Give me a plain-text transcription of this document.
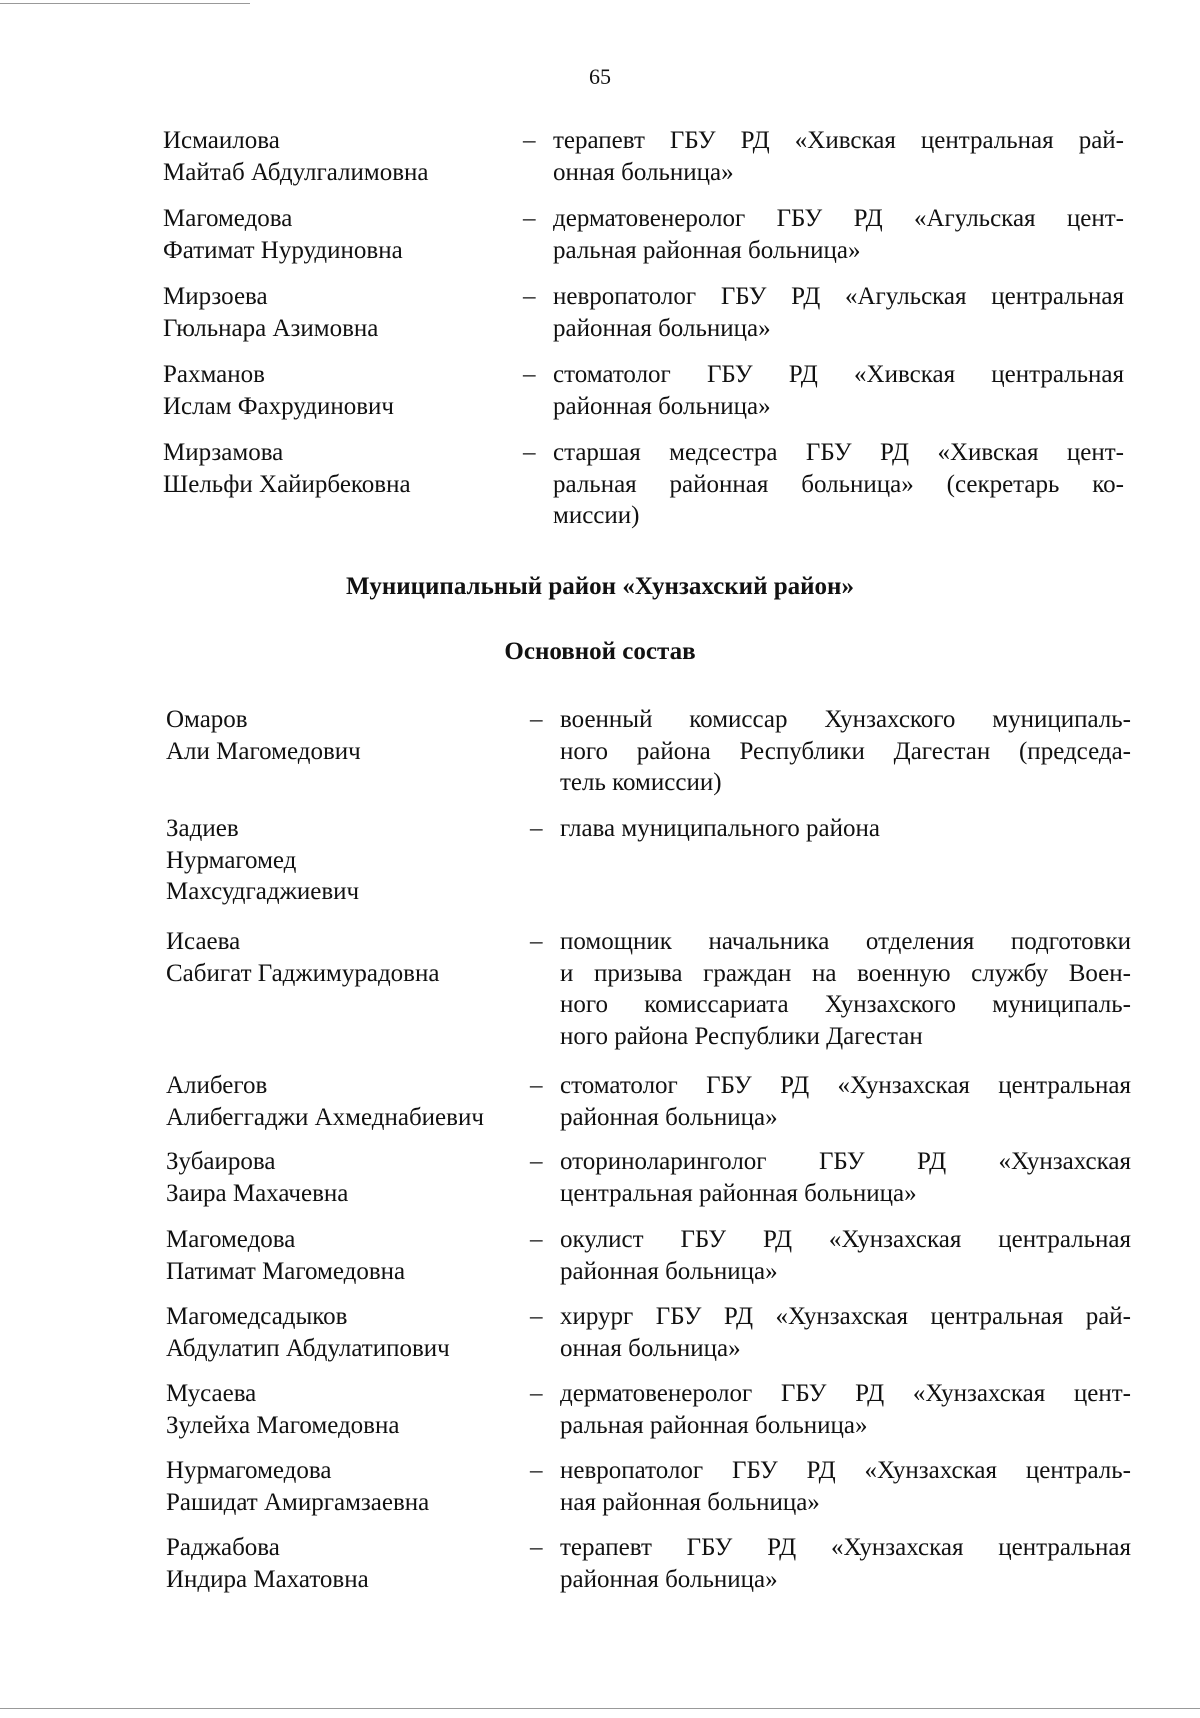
65
Исмаилова
Майтаб Абдулгалимовна
– терапевт ГБУ РД «Хивская центральная рай-
онная больница»
Магомедова
Фатимат Нурудиновна
– дерматовенеролог ГБУ РД «Агульская цент-
ральная районная больница»
Мирзоева
Гюльнара Азимовна
– невропатолог ГБУ РД «Агульская центральная
районная больница»
Рахманов
Ислам Фахрудинович
– стоматолог ГБУ РД «Хивская центральная
районная больница»
Мирзамова
Шельфи Хайирбековна
– старшая медсестра ГБУ РД «Хивская цент-
ральная районная больница» (секретарь ко-
миссии)
Муниципальный район «Хунзахский район»
Основной состав
Омаров
Али Магомедович
– военный комиссар Хунзахского муниципаль-
ного района Республики Дагестан (председа-
тель комиссии)
Задиев
Нурмагомед
Махсудгаджиевич
– глава муниципального района
Исаева
Сабигат Гаджимурадовна
– помощник начальника отделения подготовки
и призыва граждан на военную службу Воен-
ного комиссариата Хунзахского муниципаль-
ного района Республики Дагестан
Алибегов
Алибеггаджи Ахмеднабиевич
– стоматолог ГБУ РД «Хунзахская центральная
районная больница»
Зубаирова
Заира Махачевна
– оториноларинголог ГБУ РД «Хунзахская
центральная районная больница»
Магомедова
Патимат Магомедовна
– окулист ГБУ РД «Хунзахская центральная
районная больница»
Магомедсадыков
Абдулатип Абдулатипович
– хирург ГБУ РД «Хунзахская центральная рай-
онная больница»
Мусаева
Зулейха Магомедовна
– дерматовенеролог ГБУ РД «Хунзахская цент-
ральная районная больница»
Нурмагомедова
Рашидат Амиргамзаевна
– невропатолог ГБУ РД «Хунзахская централь-
ная районная больница»
Раджабова
Индира Махатовна
– терапевт ГБУ РД «Хунзахская центральная
районная больница»
